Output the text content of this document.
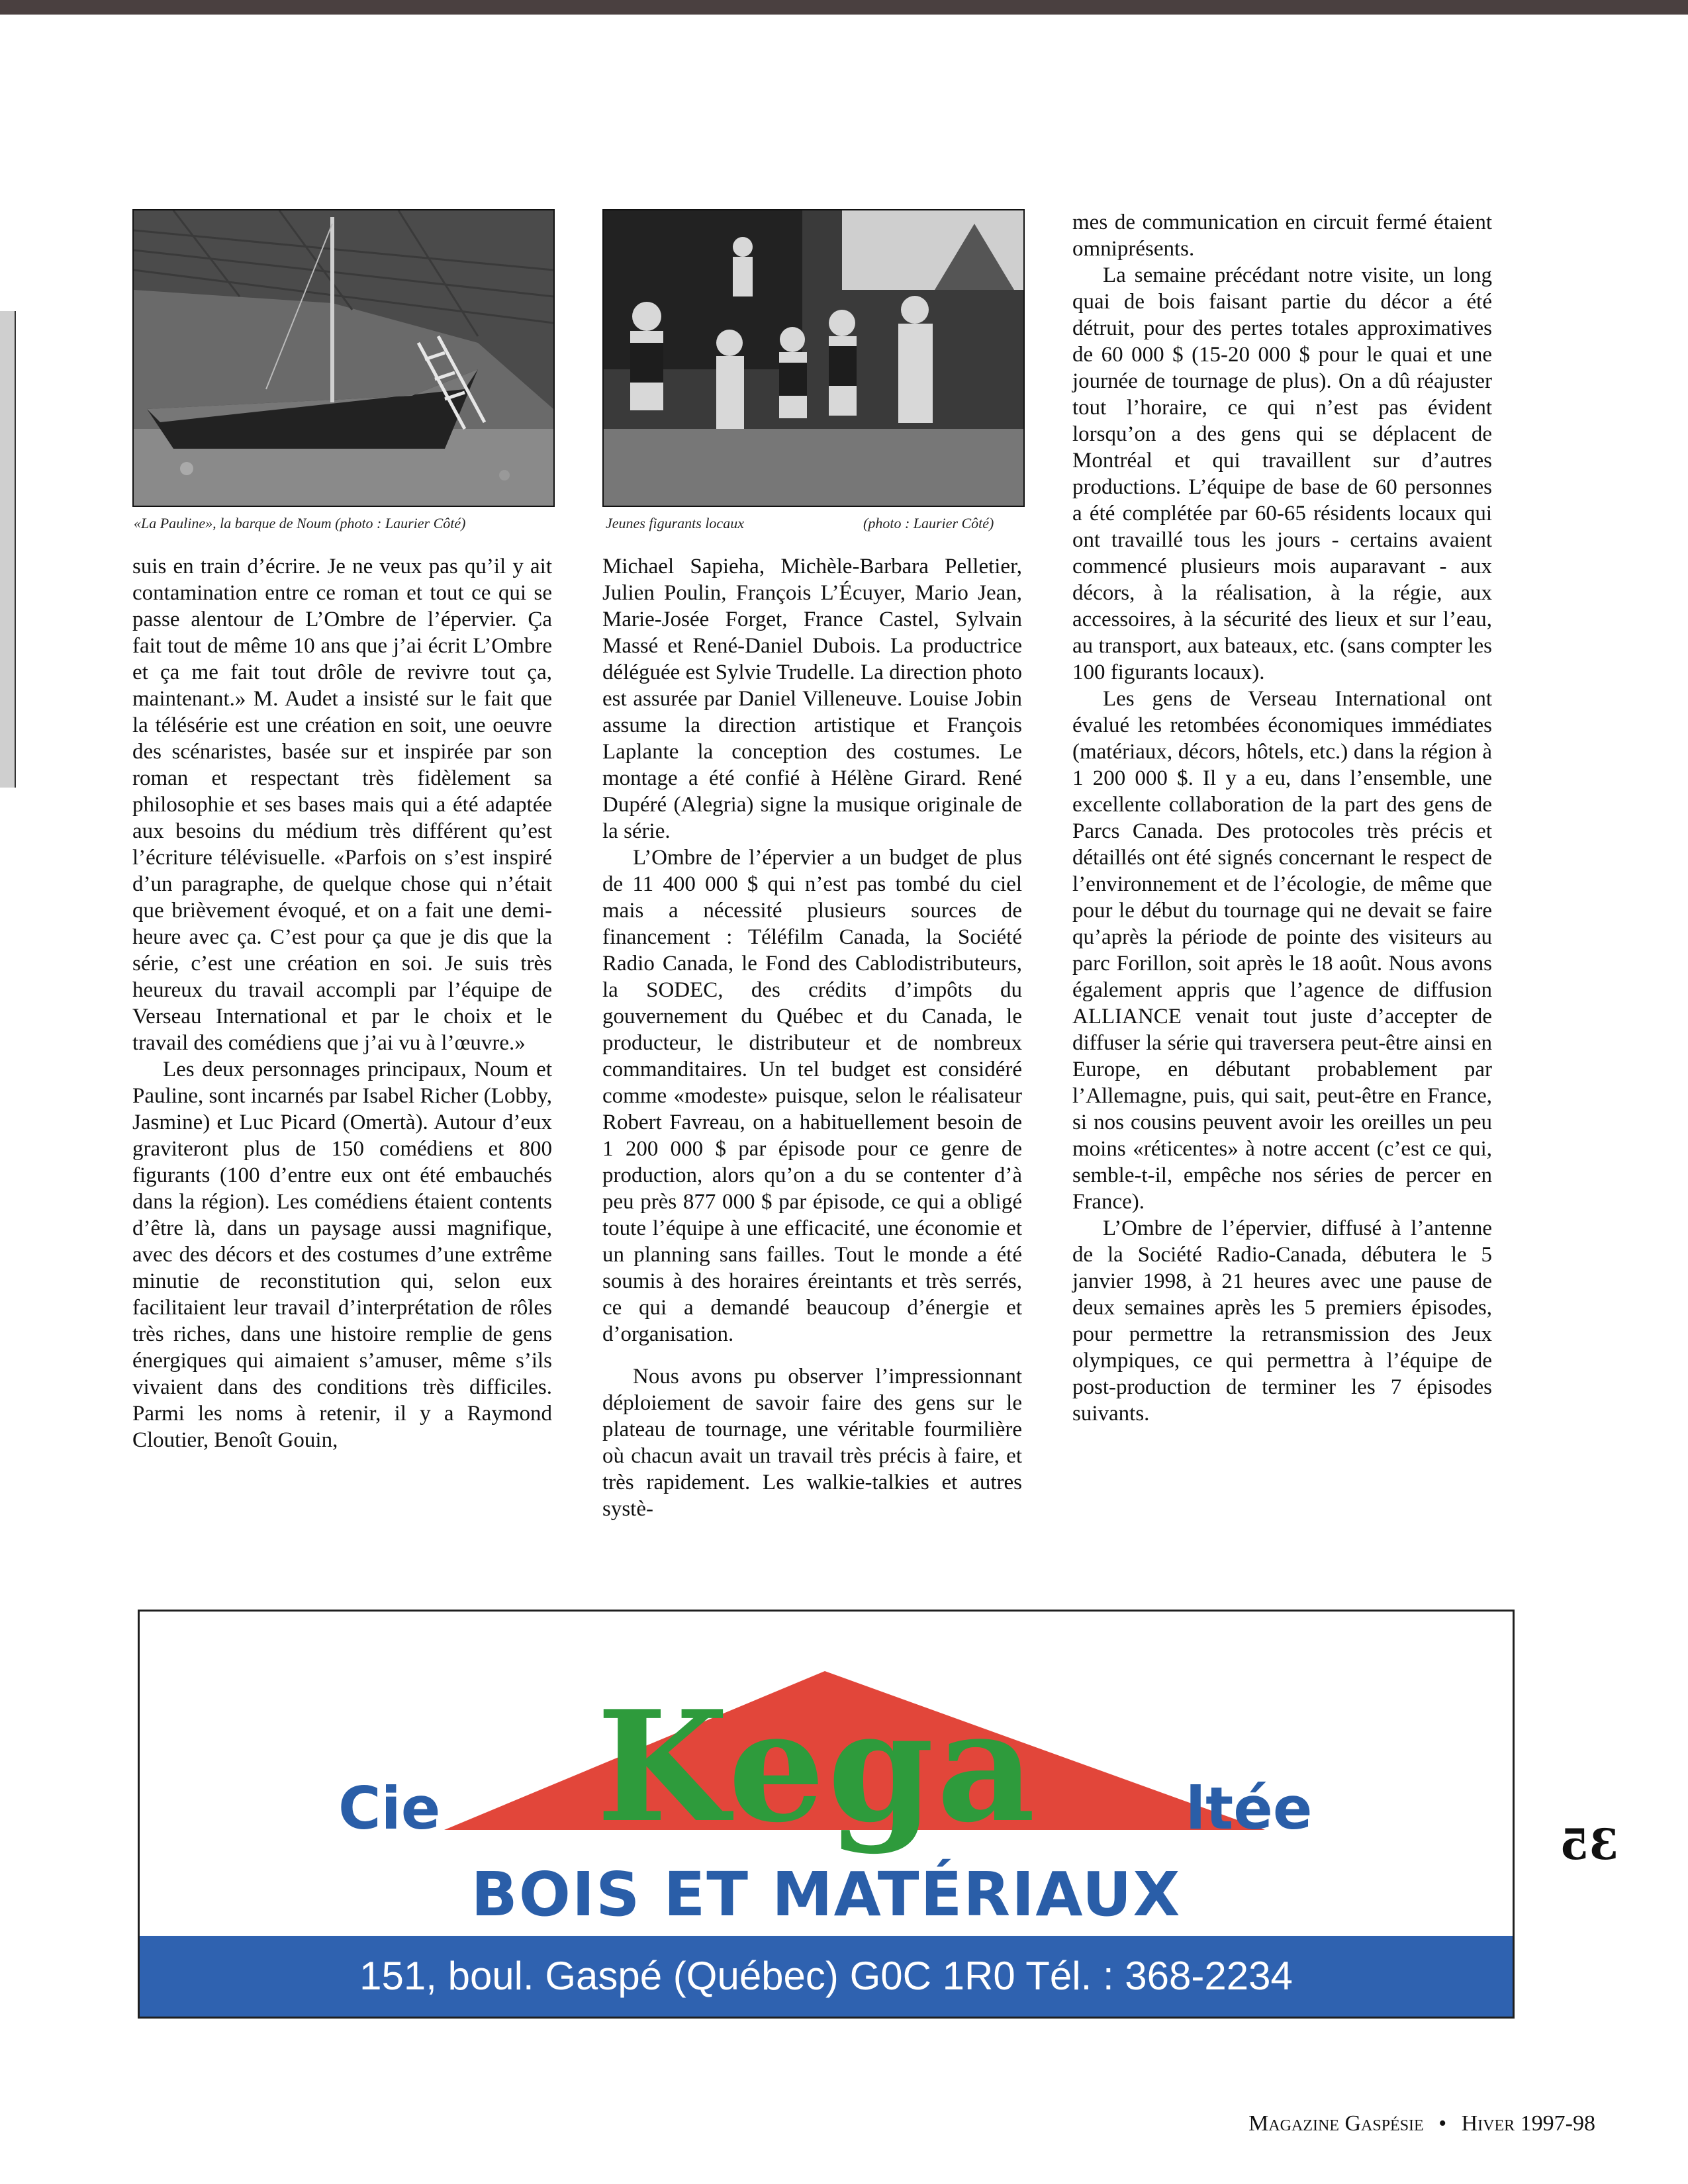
«La Pauline», la barque de Noum (photo : Laurier Côté)	Jeunes figurants locaux	(photo : Laurier Côté)

suis en train d’écrire. Je ne veux pas qu’il y ait contamination entre ce roman et tout ce qui se passe alentour de L’Ombre de l’épervier. Ça fait tout de même 10 ans que j’ai écrit L’Ombre et ça me fait tout drôle de revivre tout ça, maintenant.» M. Audet a insisté sur le fait que la télésérie est une création en soit, une oeuvre des scénaristes, basée sur et inspirée par son roman et respectant très fidèlement sa philosophie et ses bases mais qui a été adaptée aux besoins du médium très différent qu’est l’écriture télévisuelle. «Parfois on s’est inspiré d’un paragraphe, de quelque chose qui n’était que brièvement évoqué, et on a fait une demi-heure avec ça. C’est pour ça que je dis que la série, c’est une création en soi. Je suis très heureux du travail accompli par l’équipe de Verseau International et par le choix et le travail des comédiens que j’ai vu à l’œuvre.»

Les deux personnages principaux, Noum et Pauline, sont incarnés par Isabel Richer (Lobby, Jasmine) et Luc Picard (Omertà). Autour d’eux graviteront plus de 150 comédiens et 800 figurants (100 d’entre eux ont été embauchés dans la région). Les comédiens étaient contents d’être là, dans un paysage aussi magnifique, avec des décors et des costumes d’une extrême minutie de reconstitution qui, selon eux facilitaient leur travail d’interprétation de rôles très riches, dans une histoire remplie de gens énergiques qui aimaient s’amuser, même s’ils vivaient dans des conditions très difficiles. Parmi les noms à retenir, il y a Raymond Cloutier, Benoît Gouin,

Michael Sapieha, Michèle-Barbara Pelletier, Julien Poulin, François L’Écuyer, Mario Jean, Marie-Josée Forget, France Castel, Sylvain Massé et René-Daniel Dubois. La productrice déléguée est Sylvie Trudelle. La direction photo est assurée par Daniel Villeneuve. Louise Jobin assume la direction artistique et François Laplante la conception des costumes. Le montage a été confié à Hélène Girard. René Dupéré (Alegria) signe la musique originale de la série.

L’Ombre de l’épervier a un budget de plus de 11 400 000 $ qui n’est pas tombé du ciel mais a nécessité plusieurs sources de financement : Téléfilm Canada, la Société Radio Canada, le Fond des Cablodistributeurs, la SODEC, des crédits d’impôts du gouvernement du Québec et du Canada, le producteur, le distributeur et de nombreux commanditaires. Un tel budget est considéré comme «modeste» puisque, selon le réalisateur Robert Favreau, on a habituellement besoin de 1 200 000 $ par épisode pour ce genre de production, alors qu’on a du se contenter d’à peu près 877 000 $ par épisode, ce qui a obligé toute l’équipe à une efficacité, une économie et un planning sans failles. Tout le monde a été soumis à des horaires éreintants et très serrés, ce qui a demandé beaucoup d’énergie et d’organisation.

Nous avons pu observer l’impressionnant déploiement de savoir faire des gens sur le plateau de tournage, une véritable fourmilière où chacun avait un travail très précis à faire, et très rapidement. Les walkie-talkies et autres systè-

mes de communication en circuit fermé étaient omniprésents.

La semaine précédant notre visite, un long quai de bois faisant partie du décor a été détruit, pour des pertes totales approximatives de 60 000 $ (15-20 000 $ pour le quai et une journée de tournage de plus). On a dû réajuster tout l’horaire, ce qui n’est pas évident lorsqu’on a des gens qui se déplacent de Montréal et qui travaillent sur d’autres productions. L’équipe de base de 60 personnes a été complétée par 60-65 résidents locaux qui ont travaillé tous les jours - certains avaient commencé plusieurs mois auparavant - aux décors, à la réalisation, à la régie, aux accessoires, à la sécurité des lieux et sur l’eau, au transport, aux bateaux, etc. (sans compter les 100 figurants locaux).

Les gens de Verseau International ont évalué les retombées économiques immédiates (matériaux, décors, hôtels, etc.) dans la région à 1 200 000 $. Il y a eu, dans l’ensemble, une excellente collaboration de la part des gens de Parcs Canada. Des protocoles très précis et détaillés ont été signés concernant le respect de l’environnement et de l’écologie, de même que pour le début du tournage qui ne devait se faire qu’après la période de pointe des visiteurs au parc Forillon, soit après le 18 août. Nous avons également appris que l’agence de diffusion ALLIANCE venait tout juste d’accepter de diffuser la série qui traversera peut-être ainsi en Europe, en débutant probablement par l’Allemagne, puis, qui sait, peut-être en France, si nos cousins peuvent avoir les oreilles un peu moins «réticentes» à notre accent (c’est ce qui, semble-t-il, empêche nos séries de percer en France).

L’Ombre de l’épervier, diffusé à l’antenne de la Société Radio-Canada, débutera le 5 janvier 1998, à 21 heures avec une pause de deux semaines après les 5 premiers épisodes, pour permettre la retransmission des Jeux olympiques, ce qui permettra à l’équipe de post-production de terminer les 7 épisodes suivants.

Cie Kega	ltée
BOIS ET MATÉRIAUX
151, boul. Gaspé (Québec) G0C 1R0 Tél. : 368-2234
35
Magazine Gaspésie • Hiver 1997-98
